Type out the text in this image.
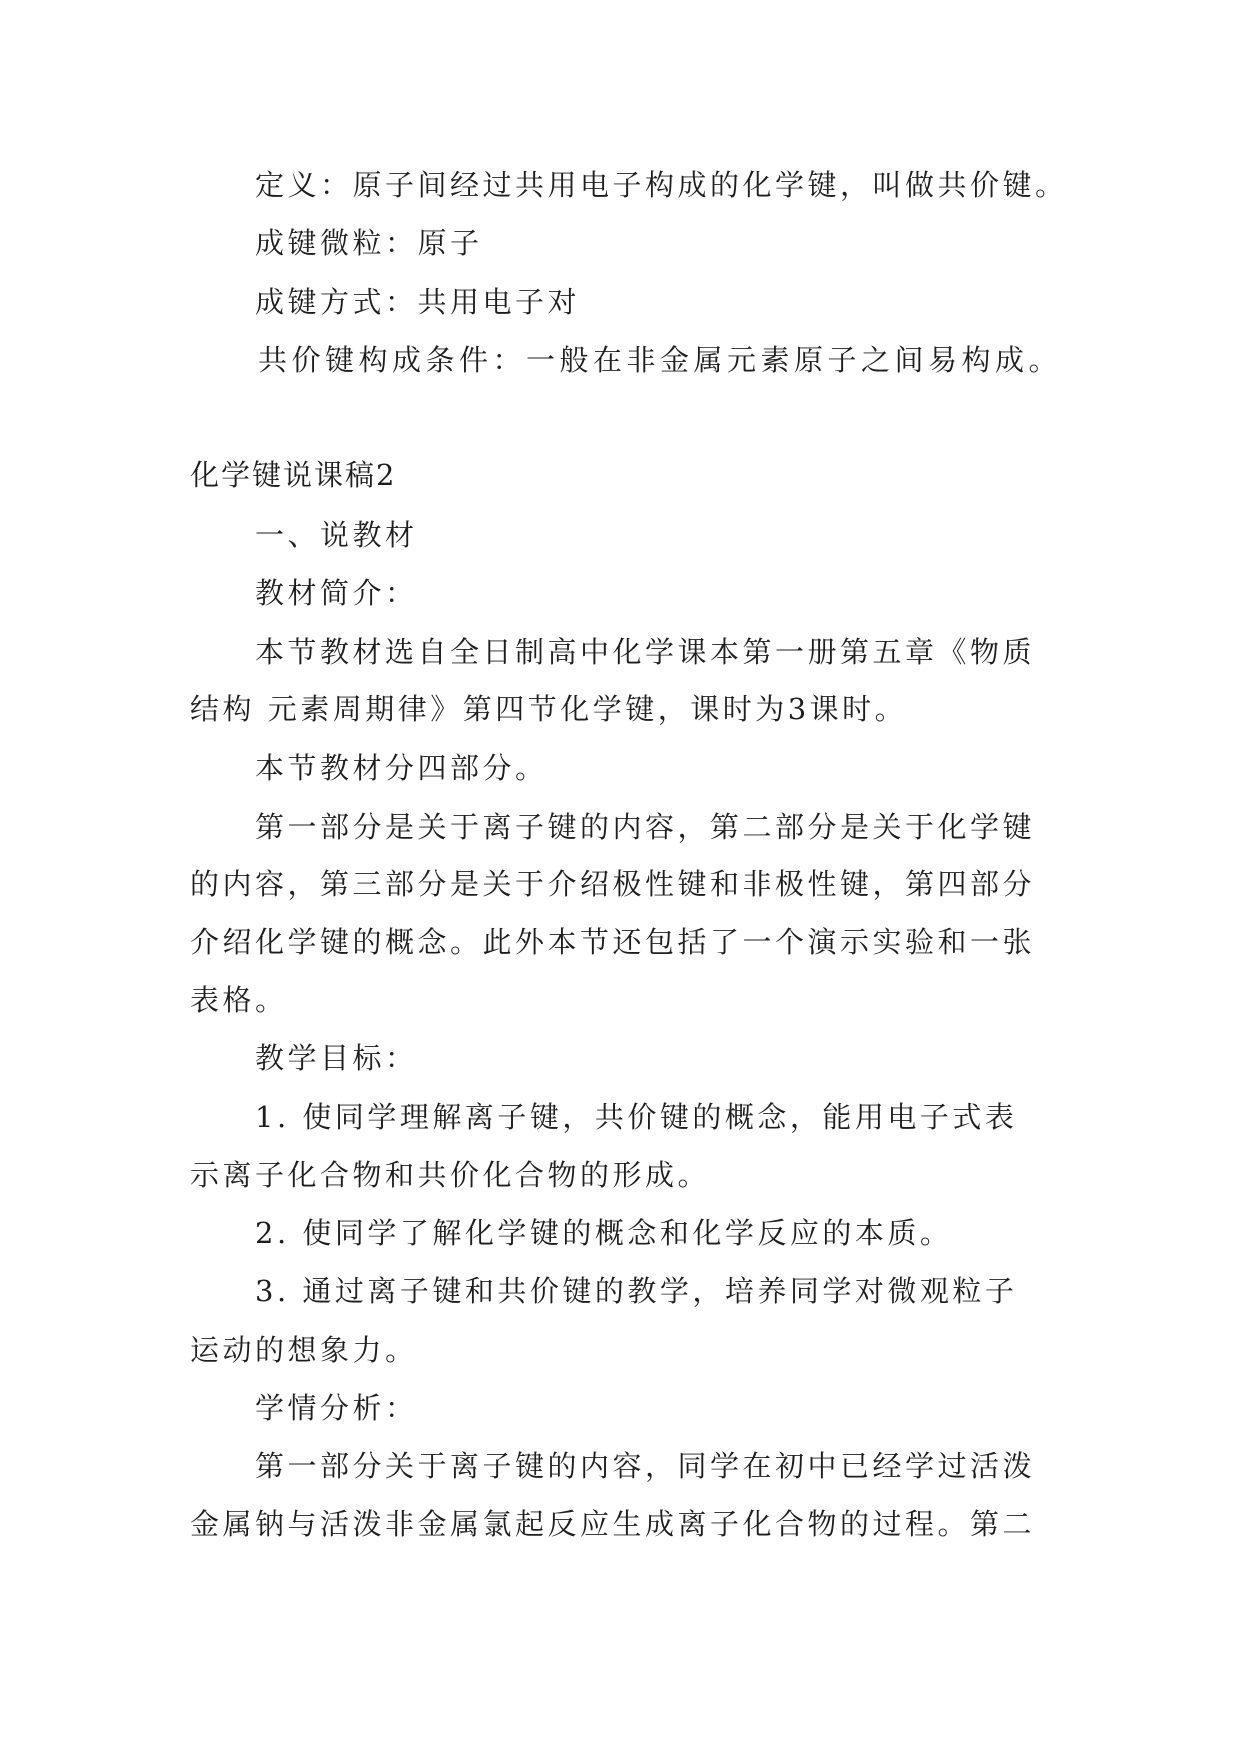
定义：原子间经过共用电子构成的化学键，叫做共价键。
成键微粒：原子
成键方式：共用电子对
共价键构成条件：一般在非金属元素原子之间易构成。
化学键说课稿2
一、说教材
教材简介：
本节教材选自全日制高中化学课本第一册第五章《物质
结构 元素周期律》第四节化学键，课时为3课时。
本节教材分四部分。
第一部分是关于离子键的内容，第二部分是关于化学键
的内容，第三部分是关于介绍极性键和非极性键，第四部分
介绍化学键的概念。此外本节还包括了一个演示实验和一张
表格。
教学目标：
1. 使同学理解离子键，共价键的概念，能用电子式表
示离子化合物和共价化合物的形成。
2. 使同学了解化学键的概念和化学反应的本质。
3. 通过离子键和共价键的教学，培养同学对微观粒子
运动的想象力。
学情分析：
第一部分关于离子键的内容，同学在初中已经学过活泼
金属钠与活泼非金属氯起反应生成离子化合物的过程。第二
